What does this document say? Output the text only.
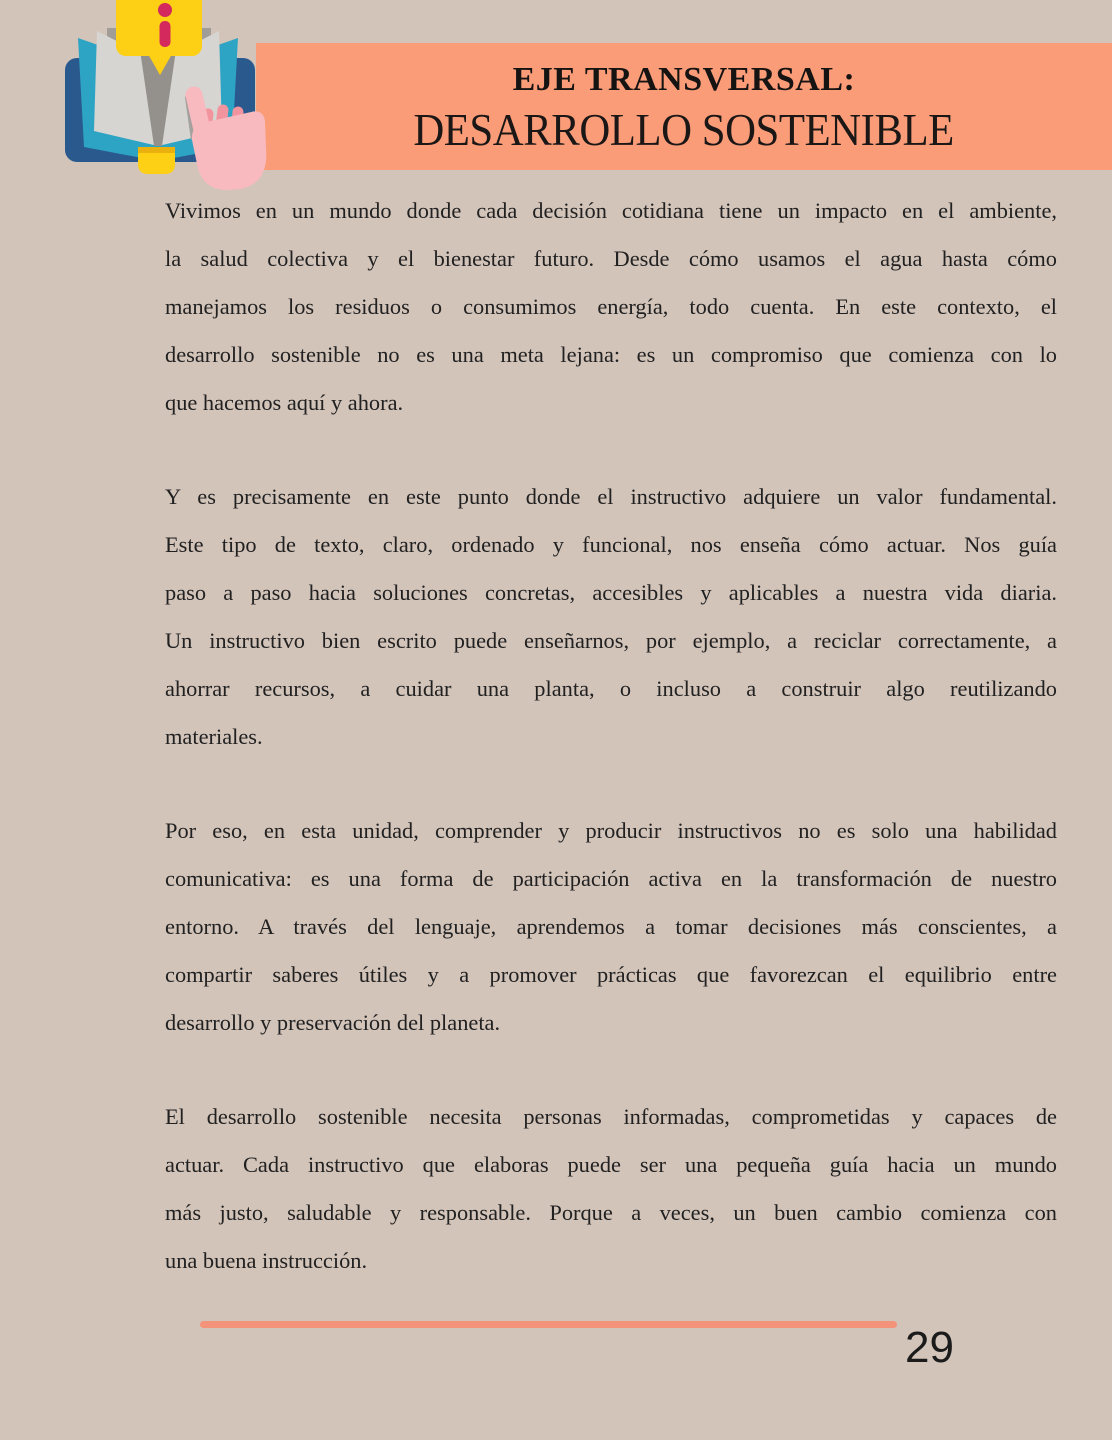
EJE TRANSVERSAL:
DESARROLLO SOSTENIBLE
Vivimos en un mundo donde cada decisión cotidiana tiene un impacto en el ambiente,
la salud colectiva y el bienestar futuro. Desde cómo usamos el agua hasta cómo
manejamos los residuos o consumimos energía, todo cuenta. En este contexto, el
desarrollo sostenible no es una meta lejana: es un compromiso que comienza con lo
que hacemos aquí y ahora.
Y es precisamente en este punto donde el instructivo adquiere un valor fundamental.
Este tipo de texto, claro, ordenado y funcional, nos enseña cómo actuar. Nos guía
paso a paso hacia soluciones concretas, accesibles y aplicables a nuestra vida diaria.
Un instructivo bien escrito puede enseñarnos, por ejemplo, a reciclar correctamente, a
ahorrar recursos, a cuidar una planta, o incluso a construir algo reutilizando
materiales.
Por eso, en esta unidad, comprender y producir instructivos no es solo una habilidad
comunicativa: es una forma de participación activa en la transformación de nuestro
entorno. A través del lenguaje, aprendemos a tomar decisiones más conscientes, a
compartir saberes útiles y a promover prácticas que favorezcan el equilibrio entre
desarrollo y preservación del planeta.
El desarrollo sostenible necesita personas informadas, comprometidas y capaces de
actuar. Cada instructivo que elaboras puede ser una pequeña guía hacia un mundo
más justo, saludable y responsable. Porque a veces, un buen cambio comienza con
una buena instrucción.
29
